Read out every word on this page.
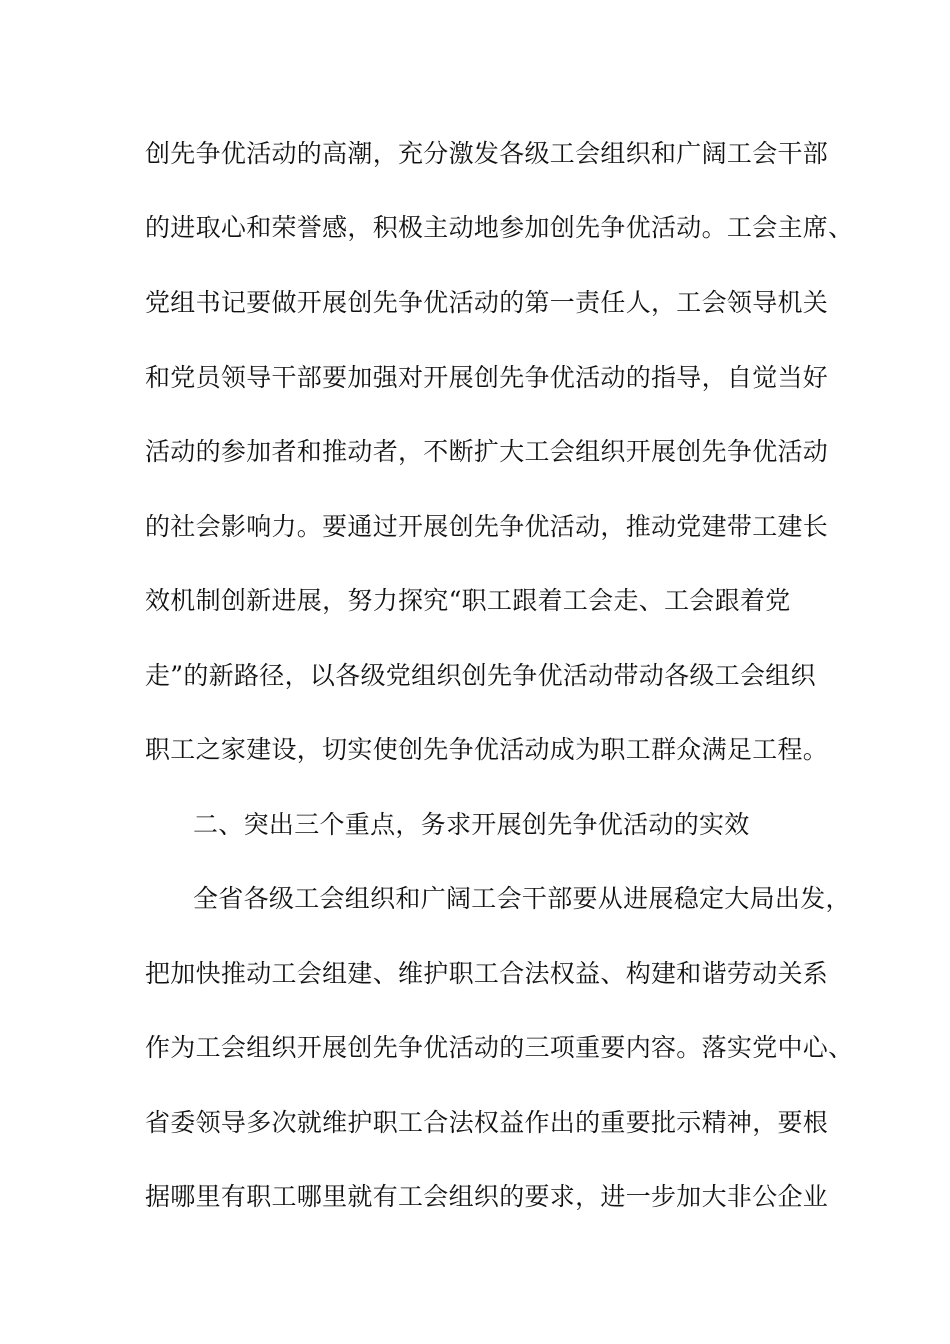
创先争优活动的高潮，充分激发各级工会组织和广阔工会干部
的进取心和荣誉感，积极主动地参加创先争优活动。工会主席、
党组书记要做开展创先争优活动的第一责任人，工会领导机关
和党员领导干部要加强对开展创先争优活动的指导，自觉当好
活动的参加者和推动者，不断扩大工会组织开展创先争优活动
的社会影响力。要通过开展创先争优活动，推动党建带工建长
效机制创新进展，努力探究“职工跟着工会走、工会跟着党
走”的新路径，以各级党组织创先争优活动带动各级工会组织
职工之家建设，切实使创先争优活动成为职工群众满足工程。
二、突出三个重点，务求开展创先争优活动的实效
全省各级工会组织和广阔工会干部要从进展稳定大局出发，
把加快推动工会组建、维护职工合法权益、构建和谐劳动关系
作为工会组织开展创先争优活动的三项重要内容。落实党中心、
省委领导多次就维护职工合法权益作出的重要批示精神，要根
据哪里有职工哪里就有工会组织的要求，进一步加大非公企业
